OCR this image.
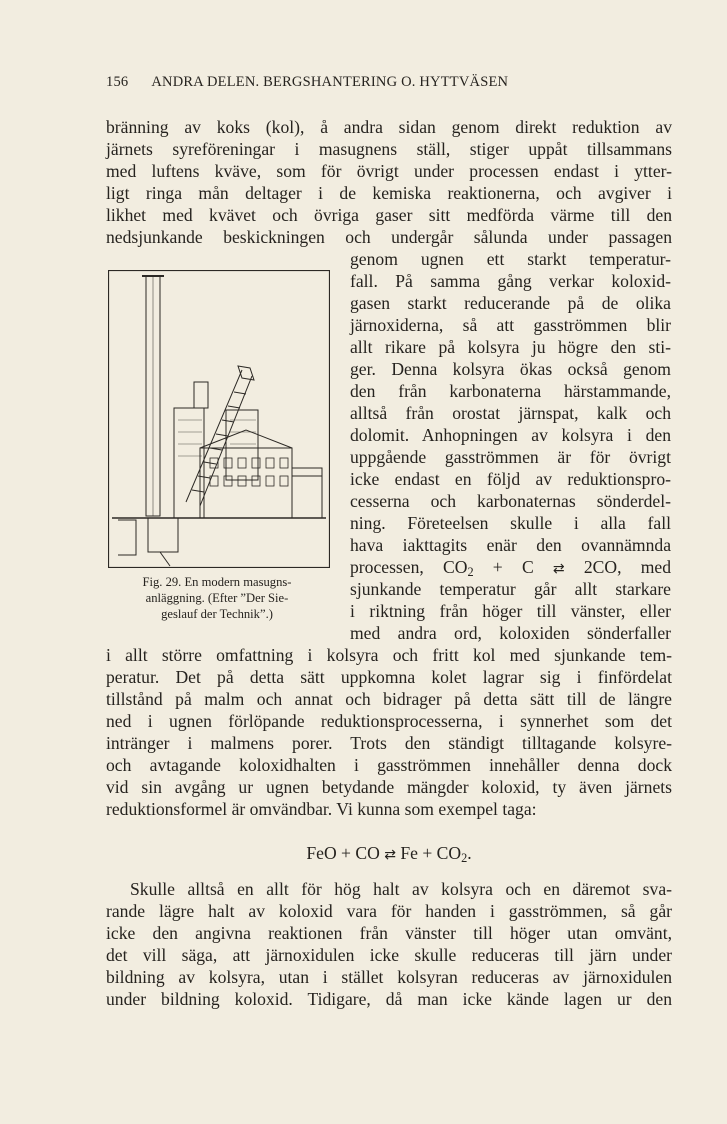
156 ANDRA DELEN. BERGSHANTERING O. HYTTVÄSEN
bränning av koks (kol), å andra sidan genom direkt reduktion av
järnets syreföreningar i masugnens ställ, stiger uppåt tillsammans
med luftens kväve, som för övrigt under processen endast i ytter-
ligt ringa mån deltager i de kemiska reaktionerna, och avgiver i
likhet med kvävet och övriga gaser sitt medförda värme till den
nedsjunkande beskickningen och undergår sålunda under passagen
genom ugnen ett starkt temperatur-
fall. På samma gång verkar koloxid-
gasen starkt reducerande på de olika
järnoxiderna, så att gasströmmen blir
allt rikare på kolsyra ju högre den sti-
ger. Denna kolsyra ökas också genom
den från karbonaterna härstammande,
alltså från orostat järnspat, kalk och
dolomit. Anhopningen av kolsyra i den
uppgående gasströmmen är för övrigt
icke endast en följd av reduktionspro-
cesserna och karbonaternas sönderdel-
ning. Företeelsen skulle i alla fall
hava iakttagits enär den ovannämnda
processen, $CO_2 + C$ ⇄ 2CO, med
sjunkande temperatur går allt starkare
i riktning från höger till vänster, eller
med andra ord, koloxiden sönderfaller
Fig. 29. En modern masugns-
anläggning. (Efter ”Der Sie-
geslauf der Technik”.)
i allt större omfattning i kolsyra och fritt kol med sjunkande tem-
peratur. Det på detta sätt uppkomna kolet lagrar sig i finfördelat
tillstånd på malm och annat och bidrager på detta sätt till de längre
ned i ugnen förlöpande reduktionsprocesserna, i synnerhet som det
intränger i malmens porer. Trots den ständigt tilltagande kolsyre-
och avtagande koloxidhalten i gasströmmen innehåller denna dock
vid sin avgång ur ugnen betydande mängder koloxid, ty även järnets
reduktionsformel är omvändbar. Vi kunna som exempel taga:
FeO + CO ⇄ $Fe + CO_2$.
Skulle alltså en allt för hög halt av kolsyra och en däremot sva-
rande lägre halt av koloxid vara för handen i gasströmmen, så går
icke den angivna reaktionen från vänster till höger utan omvänt,
det vill säga, att järnoxidulen icke skulle reduceras till järn under
bildning av kolsyra, utan i stället kolsyran reduceras av järnoxidulen
under bildning koloxid. Tidigare, då man icke kände lagen ur den
